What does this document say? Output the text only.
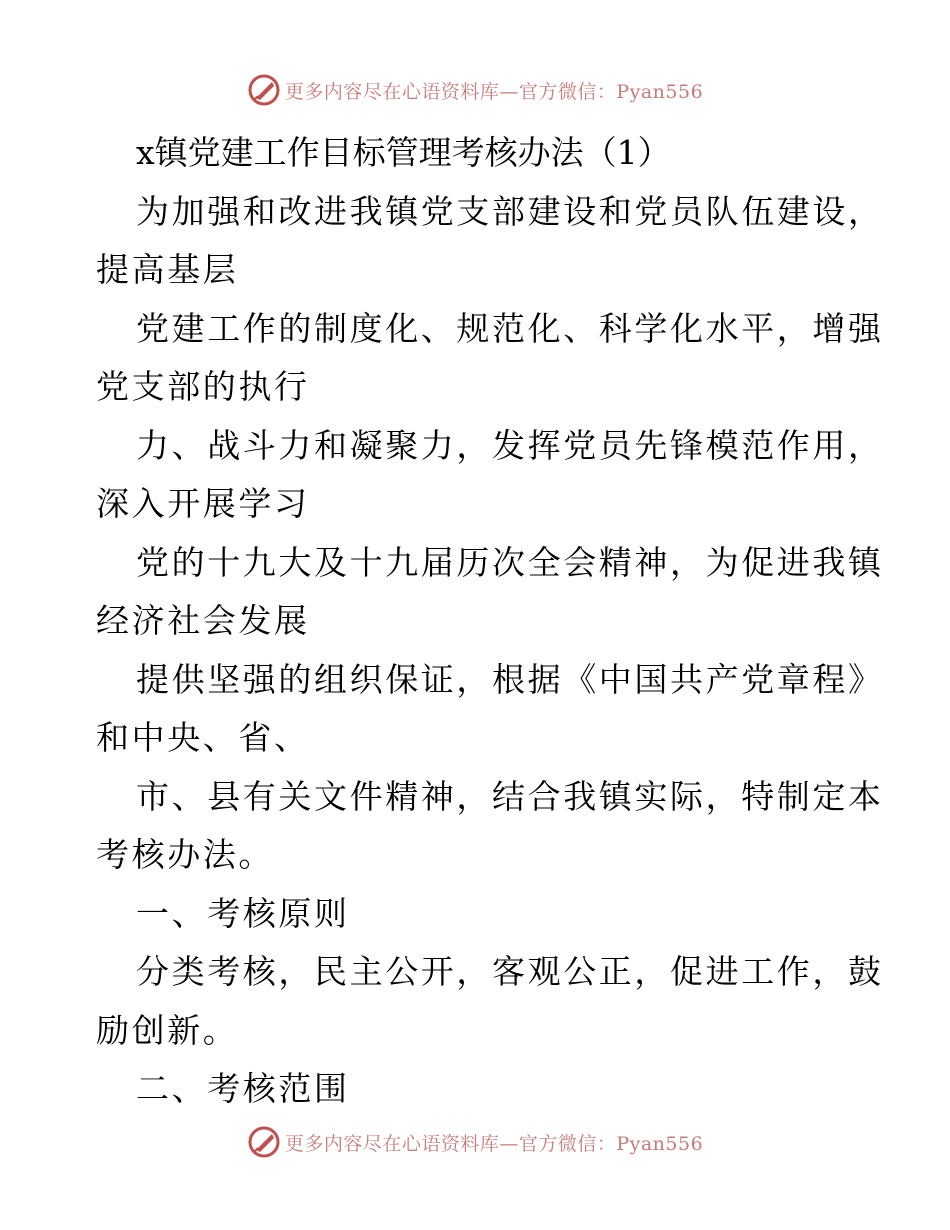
更多内容尽在心语资料库—官方微信：Pyan556
x镇党建工作目标管理考核办法（1）
为加强和改进我镇党支部建设和党员队伍建设，
提高基层
党建工作的制度化、规范化、科学化水平，增强
党支部的执行
力、战斗力和凝聚力，发挥党员先锋模范作用，
深入开展学习
党的十九大及十九届历次全会精神，为促进我镇
经济社会发展
提供坚强的组织保证，根据《中国共产党章程》
和中央、省、
市、县有关文件精神，结合我镇实际，特制定本
考核办法。
一、考核原则
分类考核，民主公开，客观公正，促进工作，鼓
励创新。
二、考核范围
更多内容尽在心语资料库—官方微信：Pyan556
